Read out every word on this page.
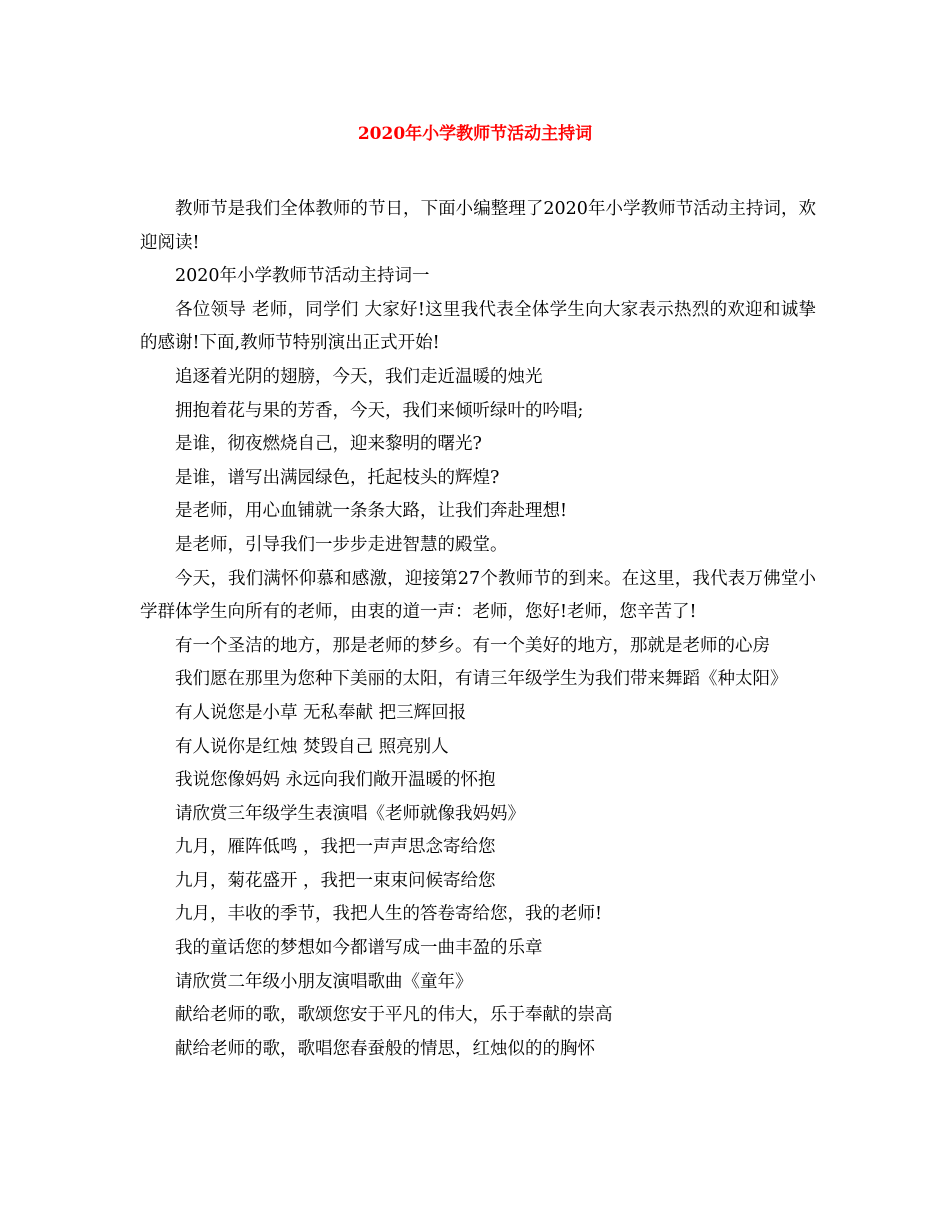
2020年小学教师节活动主持词

教师节是我们全体教师的节日，下面小编整理了2020年小学教师节活动主持词，欢迎阅读!

2020年小学教师节活动主持词一

各位领导 老师，同学们 大家好!这里我代表全体学生向大家表示热烈的欢迎和诚挚的感谢!下面,教师节特别演出正式开始!

追逐着光阴的翅膀，今天，我们走近温暖的烛光

拥抱着花与果的芳香，今天，我们来倾听绿叶的吟唱;

是谁，彻夜燃烧自己，迎来黎明的曙光?

是谁，谱写出满园绿色，托起枝头的辉煌?

是老师，用心血铺就一条条大路，让我们奔赴理想!

是老师，引导我们一步步走进智慧的殿堂。

今天，我们满怀仰慕和感激，迎接第27个教师节的到来。在这里，我代表万佛堂小学群体学生向所有的老师，由衷的道一声：老师，您好!老师，您辛苦了!

有一个圣洁的地方，那是老师的梦乡。有一个美好的地方，那就是老师的心房

我们愿在那里为您种下美丽的太阳，有请三年级学生为我们带来舞蹈《种太阳》

有人说您是小草 无私奉献 把三辉回报

有人说你是红烛 焚毁自己 照亮别人

我说您像妈妈 永远向我们敞开温暖的怀抱

请欣赏三年级学生表演唱《老师就像我妈妈》

九月，雁阵低鸣 ，我把一声声思念寄给您

九月，菊花盛开 ，我把一束束问候寄给您

九月，丰收的季节，我把人生的答卷寄给您，我的老师!

我的童话您的梦想如今都谱写成一曲丰盈的乐章

请欣赏二年级小朋友演唱歌曲《童年》

献给老师的歌，歌颂您安于平凡的伟大，乐于奉献的崇高

献给老师的歌，歌唱您春蚕般的情思，红烛似的的胸怀
